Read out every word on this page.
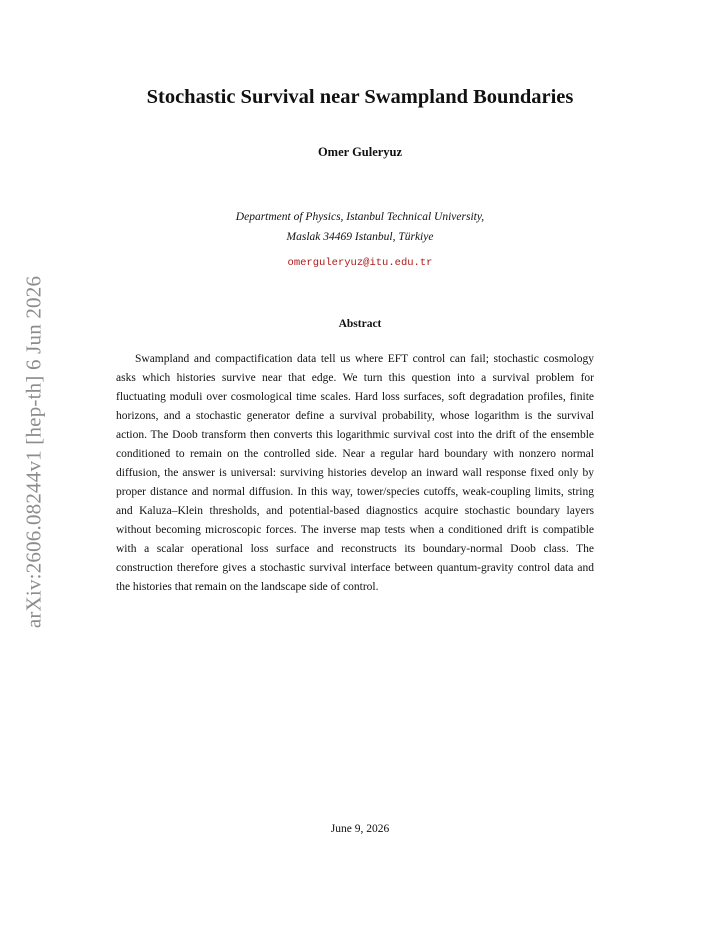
arXiv:2606.08244v1 [hep-th] 6 Jun 2026
Stochastic Survival near Swampland Boundaries
Omer Guleryuz
Department of Physics, Istanbul Technical University,
Maslak 34469 Istanbul, Türkiye
omerguleryuz@itu.edu.tr
Abstract

Swampland and compactification data tell us where EFT control can fail; stochastic cosmology asks which histories survive near that edge. We turn this question into a survival problem for fluctuating moduli over cosmological time scales. Hard loss surfaces, soft degradation profiles, finite horizons, and a stochastic generator define a survival probability, whose logarithm is the survival action. The Doob transform then converts this logarithmic survival cost into the drift of the ensemble conditioned to remain on the controlled side. Near a regular hard boundary with nonzero normal diffusion, the answer is universal: surviving histories develop an inward wall response fixed only by proper distance and normal diffusion. In this way, tower/species cutoffs, weak-coupling limits, string and Kaluza–Klein thresholds, and potential-based diagnostics acquire stochastic boundary layers without becoming microscopic forces. The inverse map tests when a conditioned drift is compatible with a scalar operational loss surface and reconstructs its boundary-normal Doob class. The construction therefore gives a stochastic survival interface between quantum-gravity control data and the histories that remain on the landscape side of control.

June 9, 2026
